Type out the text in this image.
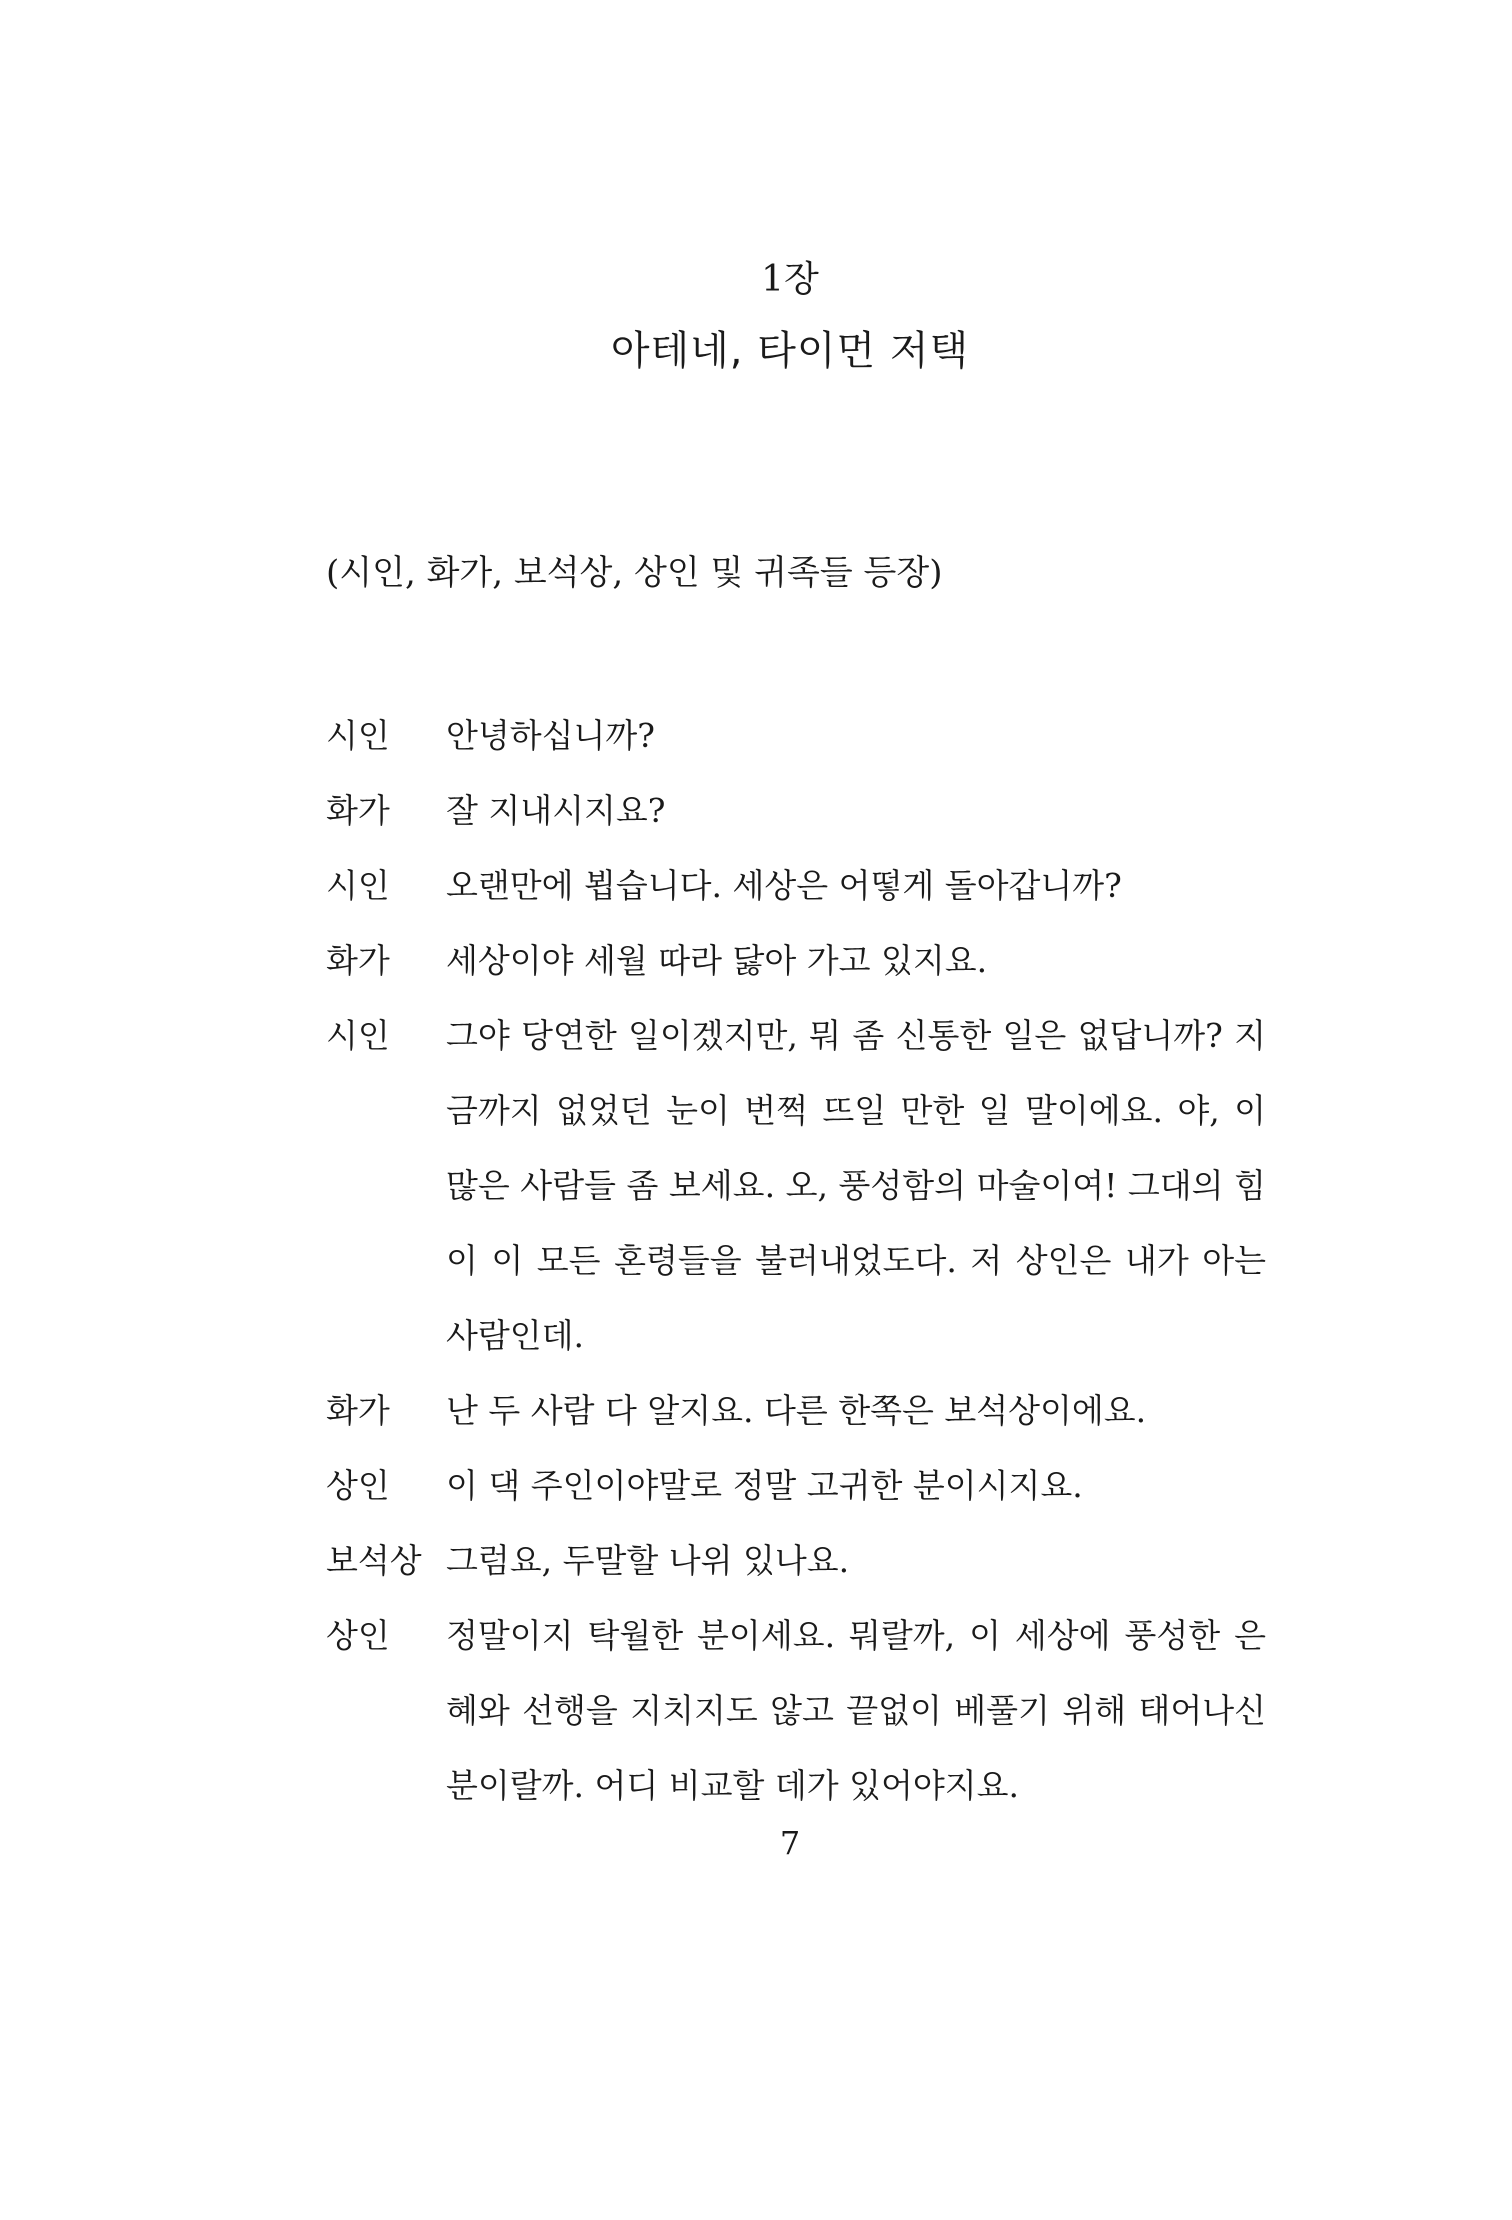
1장
아테네, 타이먼 저택
(시인, 화가, 보석상, 상인 및 귀족들 등장)
시인	안녕하십니까?
화가	잘 지내시지요?
시인	오랜만에 뵙습니다. 세상은 어떻게 돌아갑니까?
화가	세상이야 세월 따라 닳아 가고 있지요.
시인	그야 당연한 일이겠지만, 뭐 좀 신통한 일은 없답니까? 지금까지 없었던 눈이 번쩍 뜨일 만한 일 말이에요. 야, 이 많은 사람들 좀 보세요. 오, 풍성함의 마술이여! 그대의 힘이 이 모든 혼령들을 불러내었도다. 저 상인은 내가 아는 사람인데.
화가	난 두 사람 다 알지요. 다른 한쪽은 보석상이에요.
상인	이 댁 주인이야말로 정말 고귀한 분이시지요.
보석상 그럼요, 두말할 나위 있나요.
상인	정말이지 탁월한 분이세요. 뭐랄까, 이 세상에 풍성한 은혜와 선행을 지치지도 않고 끝없이 베풀기 위해 태어나신 분이랄까. 어디 비교할 데가 있어야지요.
7
